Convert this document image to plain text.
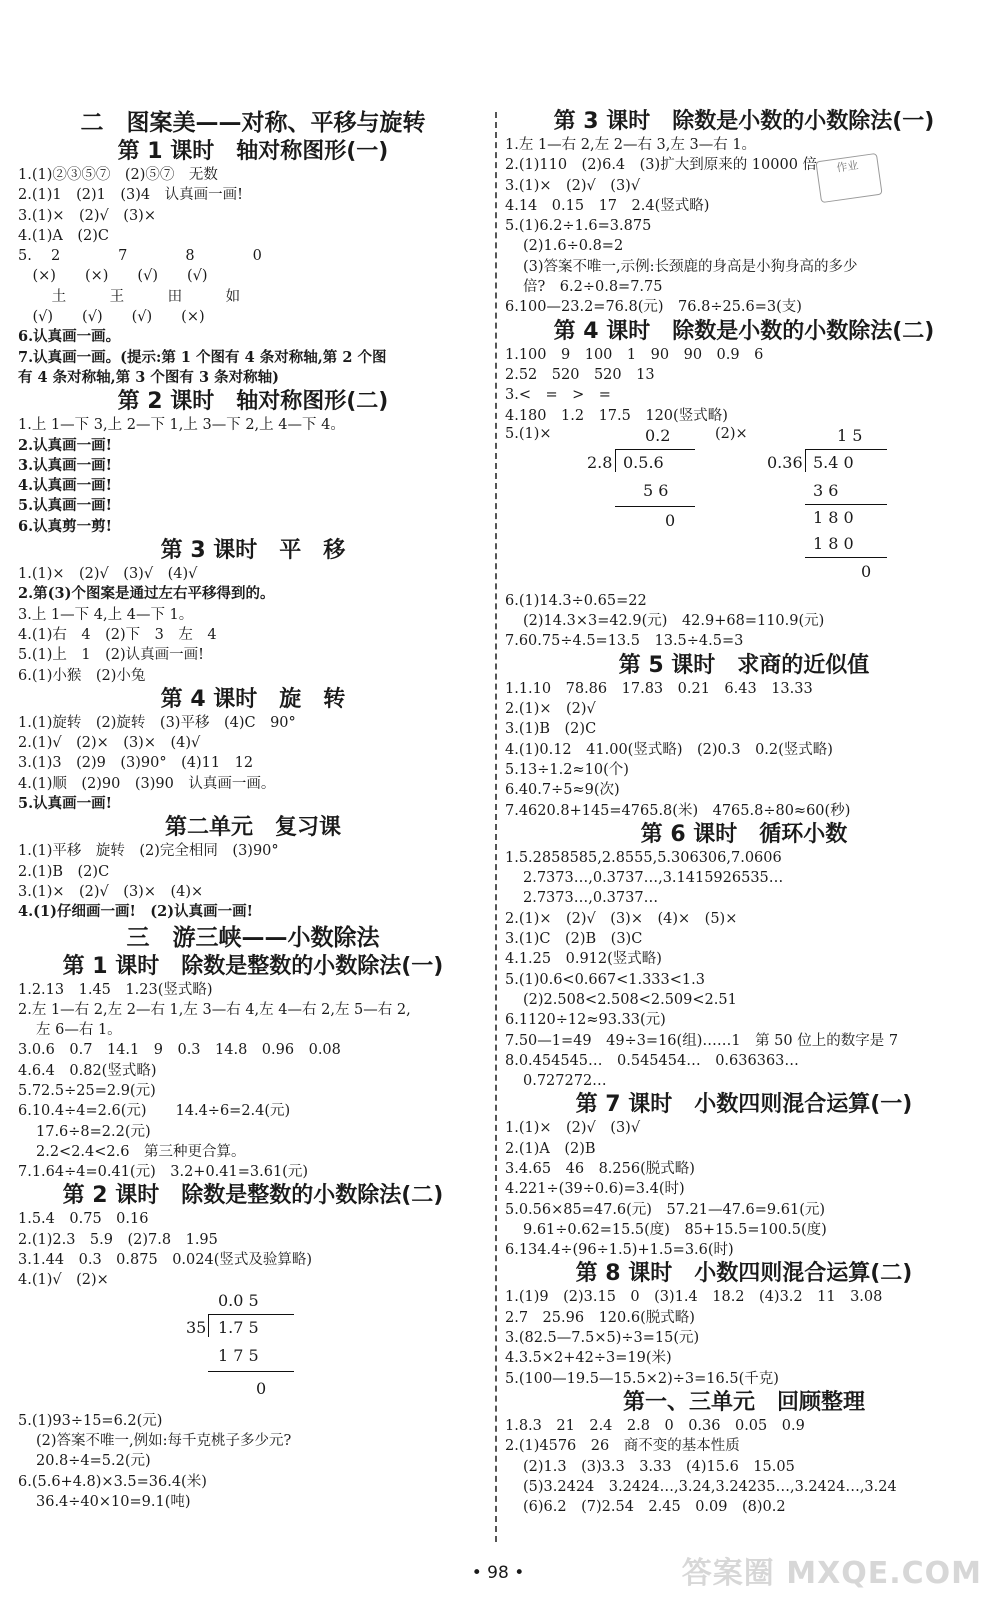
二　图案美——对称、平移与旋转
第 1 课时　轴对称图形(一)
1.(1)②③⑤⑦　(2)⑤⑦　无数
2.(1)1　(2)1　(3)4　认真画一画!
3.(1)×　(2)√　(3)×
4.(1)A　(2)C
5.　 2　　　　7　　　　8　　　　0
　(×)　　(×)　　(√)　　(√)
　　 土　　　王　　　田　　　如
　(√)　　(√)　　(√)　　(×)
6.认真画一画。
7.认真画一画。(提示:第 1 个图有 4 条对称轴,第 2 个图
有 4 条对称轴,第 3 个图有 3 条对称轴)
第 2 课时　轴对称图形(二)
1.上 1—下 3,上 2—下 1,上 3—下 2,上 4—下 4。
2.认真画一画!
3.认真画一画!
4.认真画一画!
5.认真画一画!
6.认真剪一剪!
第 3 课时　平　移
1.(1)×　(2)√　(3)√　(4)√
2.第(3)个图案是通过左右平移得到的。
3.上 1—下 4,上 4—下 1。
4.(1)右　4　(2)下　3　左　4
5.(1)上　1　(2)认真画一画!
6.(1)小猴　(2)小兔
第 4 课时　旋　转
1.(1)旋转　(2)旋转　(3)平移　(4)C　90°
2.(1)√　(2)×　(3)×　(4)√
3.(1)3　(2)9　(3)90°　(4)11　12
4.(1)顺　(2)90　(3)90　认真画一画。
5.认真画一画!
第二单元　复习课
1.(1)平移　旋转　(2)完全相同　(3)90°
2.(1)B　(2)C
3.(1)×　(2)√　(3)×　(4)×
4.(1)仔细画一画!　(2)认真画一画!
三　游三峡——小数除法
第 1 课时　除数是整数的小数除法(一)
1.2.13　1.45　1.23(竖式略)
2.左 1—右 2,左 2—右 1,左 3—右 4,左 4—右 2,左 5—右 2,
左 6—右 1。
3.0.6　0.7　14.1　9　0.3　14.8　0.96　0.08
4.6.4　0.82(竖式略)
5.72.5÷25=2.9(元)
6.10.4÷4=2.6(元)　　14.4÷6=2.4(元)
17.6÷8=2.2(元)
2.2<2.4<2.6　第三种更合算。
7.1.64÷4=0.41(元)　3.2+0.41=3.61(元)
第 2 课时　除数是整数的小数除法(二)
1.5.4　0.75　0.16
2.(1)2.3　5.9　(2)7.8　1.95
3.1.44　0.3　0.875　0.024(竖式及验算略)
4.(1)√　(2)×
0.0 5
35 1.7 5
1 7 5
0
5.(1)93÷15=6.2(元)
(2)答案不唯一,例如:每千克桃子多少元?
20.8÷4=5.2(元)
6.(5.6+4.8)×3.5=36.4(米)
36.4÷40×10=9.1(吨)
第 3 课时　除数是小数的小数除法(一)
1.左 1—右 2,左 2—右 3,左 3—右 1。
2.(1)110　(2)6.4　(3)扩大到原来的 10000 倍
3.(1)×　(2)√　(3)√
4.14　0.15　17　2.4(竖式略)
5.(1)6.2÷1.6=3.875
(2)1.6÷0.8=2
(3)答案不唯一,示例:长颈鹿的身高是小狗身高的多少
倍?　6.2÷0.8=7.75
6.100—23.2=76.8(元)　76.8÷25.6=3(支)
第 4 课时　除数是小数的小数除法(二)
1.100　9　100　1　90　90　0.9　6
2.52　520　520　13
3.<　=　>　=
4.180　1.2　17.5　120(竖式略)
5.(1)×	0.2
2.8 0.5.6
5 6
0
(2)×	1 5
0.36 5.4 0
3 6
1 8 0
1 8 0
0
6.(1)14.3÷0.65=22
(2)14.3×3=42.9(元)　42.9+68=110.9(元)
7.60.75÷4.5=13.5　13.5÷4.5=3
第 5 课时　求商的近似值
1.1.10　78.86　17.83　0.21　6.43　13.33
2.(1)×　(2)√
3.(1)B　(2)C
4.(1)0.12　41.00(竖式略)　(2)0.3　0.2(竖式略)
5.13÷1.2≈10(个)
6.40.7÷5≈9(次)
7.4620.8+145=4765.8(米)　4765.8÷80≈60(秒)
第 6 课时　循环小数
1.5.2858585,2.8555,5.306306,7.0606
2.7373…,0.3737…,3.1415926535…
2.7373…,0.3737…
2.(1)×　(2)√　(3)×　(4)×　(5)×
3.(1)C　(2)B　(3)C
4.1.25　0.912(竖式略)
5.(1)0.6<0.667<1.333<1.3
(2)2.508<2.508<2.509<2.51
6.1120÷12≈93.33(元)
7.50—1=49　49÷3=16(组)……1　第 50 位上的数字是 7
8.0.454545…　0.545454…　0.636363…
0.727272…
第 7 课时　小数四则混合运算(一)
1.(1)×　(2)√　(3)√
2.(1)A　(2)B
3.4.65　46　8.256(脱式略)
4.221÷(39÷0.6)=3.4(时)
5.0.56×85=47.6(元)　57.21—47.6=9.61(元)
9.61÷0.62=15.5(度)　85+15.5=100.5(度)
6.134.4÷(96÷1.5)+1.5=3.6(时)
第 8 课时　小数四则混合运算(二)
1.(1)9　(2)3.15　0　(3)1.4　18.2　(4)3.2　11　3.08
2.7　25.96　120.6(脱式略)
3.(82.5—7.5×5)÷3=15(元)
4.3.5×2+42÷3=19(米)
5.(100—19.5—15.5×2)÷3=16.5(千克)
第一、三单元　回顾整理
1.8.3　21　2.4　2.8　0　0.36　0.05　0.9
2.(1)4576　26　商不变的基本性质
(2)1.3　(3)3.3　3.33　(4)15.6　15.05
(5)3.2424　3.2424…,3.24,3.24235…,3.2424…,3.24
(6)6.2　(7)2.54　2.45　0.09　(8)0.2
作业
• 98 •	答案圈 MXQE.COM
